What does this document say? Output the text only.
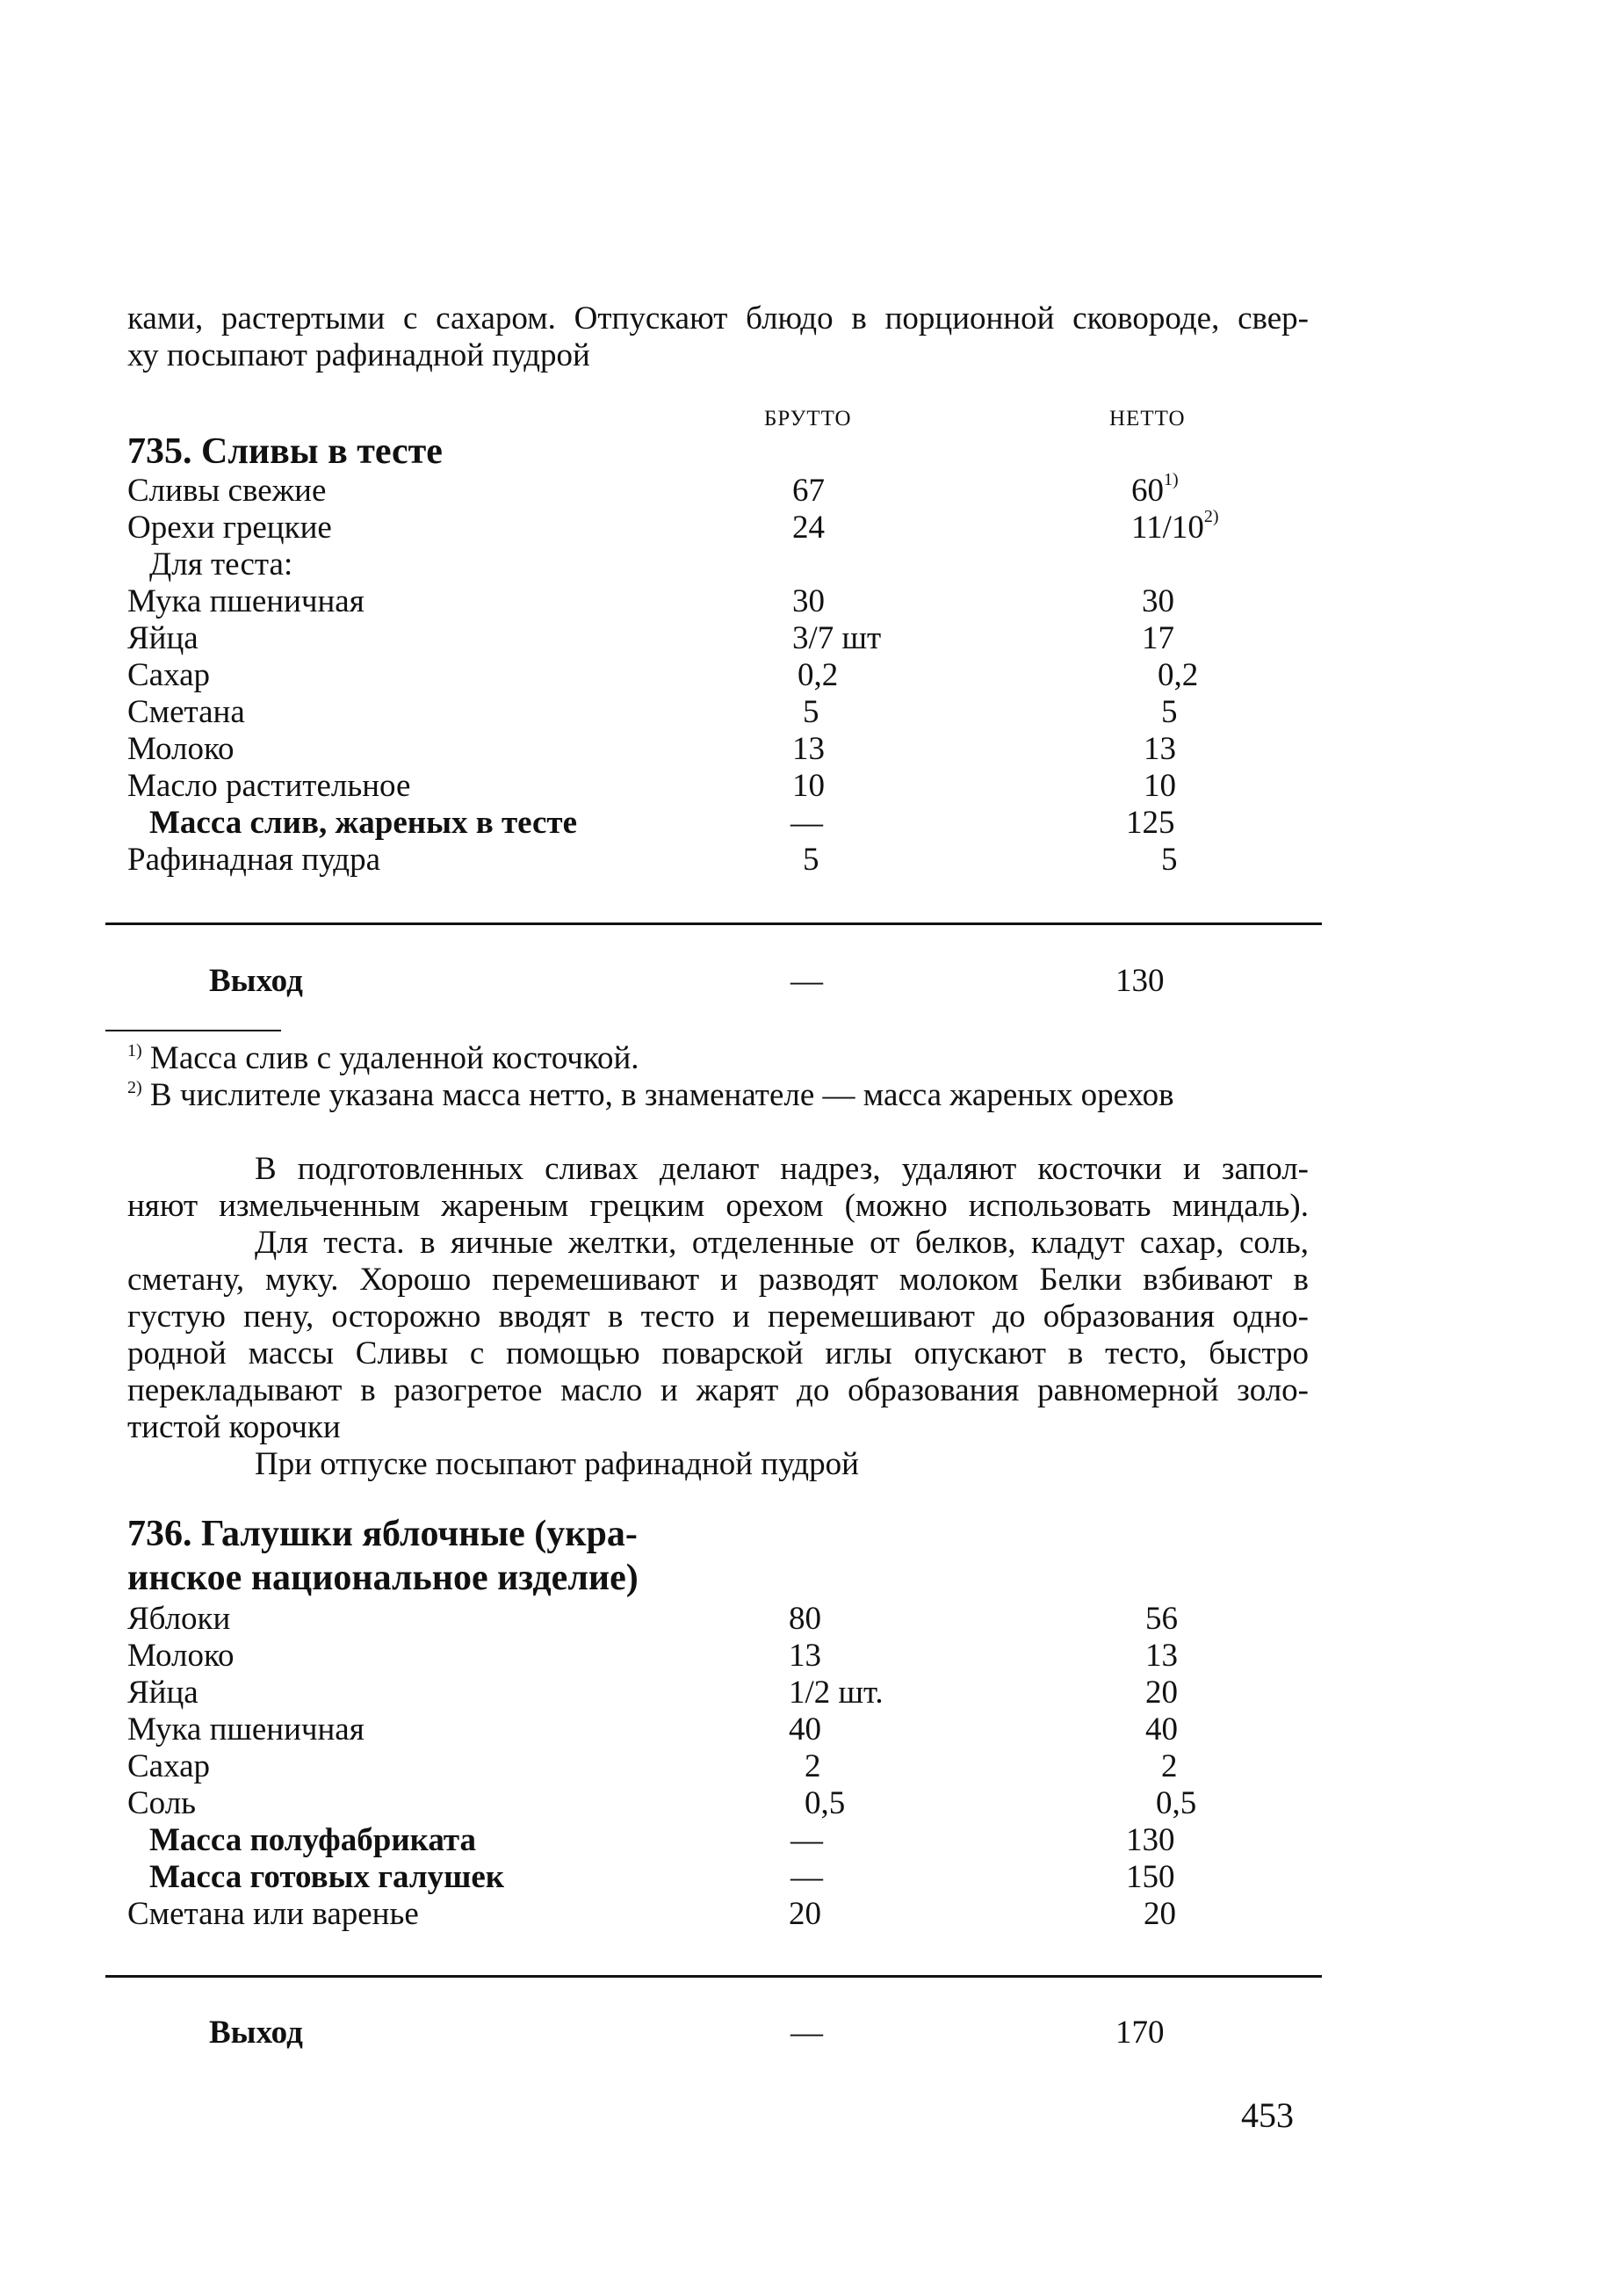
ками, растертыми с сахаром. Отпускают блюдо в порционной сковороде, свер-
ху посыпают рафинадной пудрой
БРУТТО	НЕТТО
735. Сливы в тесте
Сливы свежие	67	60$^{1)}$
Орехи грецкие	24	11/10$^{2)}$
Для теста:
Мука пшеничная	30	30
Яйца	3/7 шт	17
Сахар	0,2	0,2
Сметана	5	5
Молоко	13	13
Масло растительное	10	10
Масса слив, жареных в тесте	—	125
Рафинадная пудра	5	5
Выход	—	130
$^{1)}$ Масса слив с удаленной косточкой.
$^{2)}$ В числителе указана масса нетто, в знаменателе — масса жареных орехов
В подготовленных сливах делают надрез, удаляют косточки и запол-
няют измельченным жареным грецким орехом (можно использовать миндаль).
Для теста. в яичные желтки, отделенные от белков, кладут сахар, соль,
сметану, муку. Хорошо перемешивают и разводят молоком Белки взбивают в
густую пену, осторожно вводят в тесто и перемешивают до образования одно-
родной массы Сливы с помощью поварской иглы опускают в тесто, быстро
перекладывают в разогретое масло и жарят до образования равномерной золо-
тистой корочки
При отпуске посыпают рафинадной пудрой
736. Галушки яблочные (укра-
инское национальное изделие)
Яблоки	80	56
Молоко	13	13
Яйца	1/2 шт.	20
Мука пшеничная	40	40
Сахар	2	2
Соль	0,5	0,5
Масса полуфабриката	—	130
Масса готовых галушек	—	150
Сметана или варенье	20	20
Выход	—	170
453
